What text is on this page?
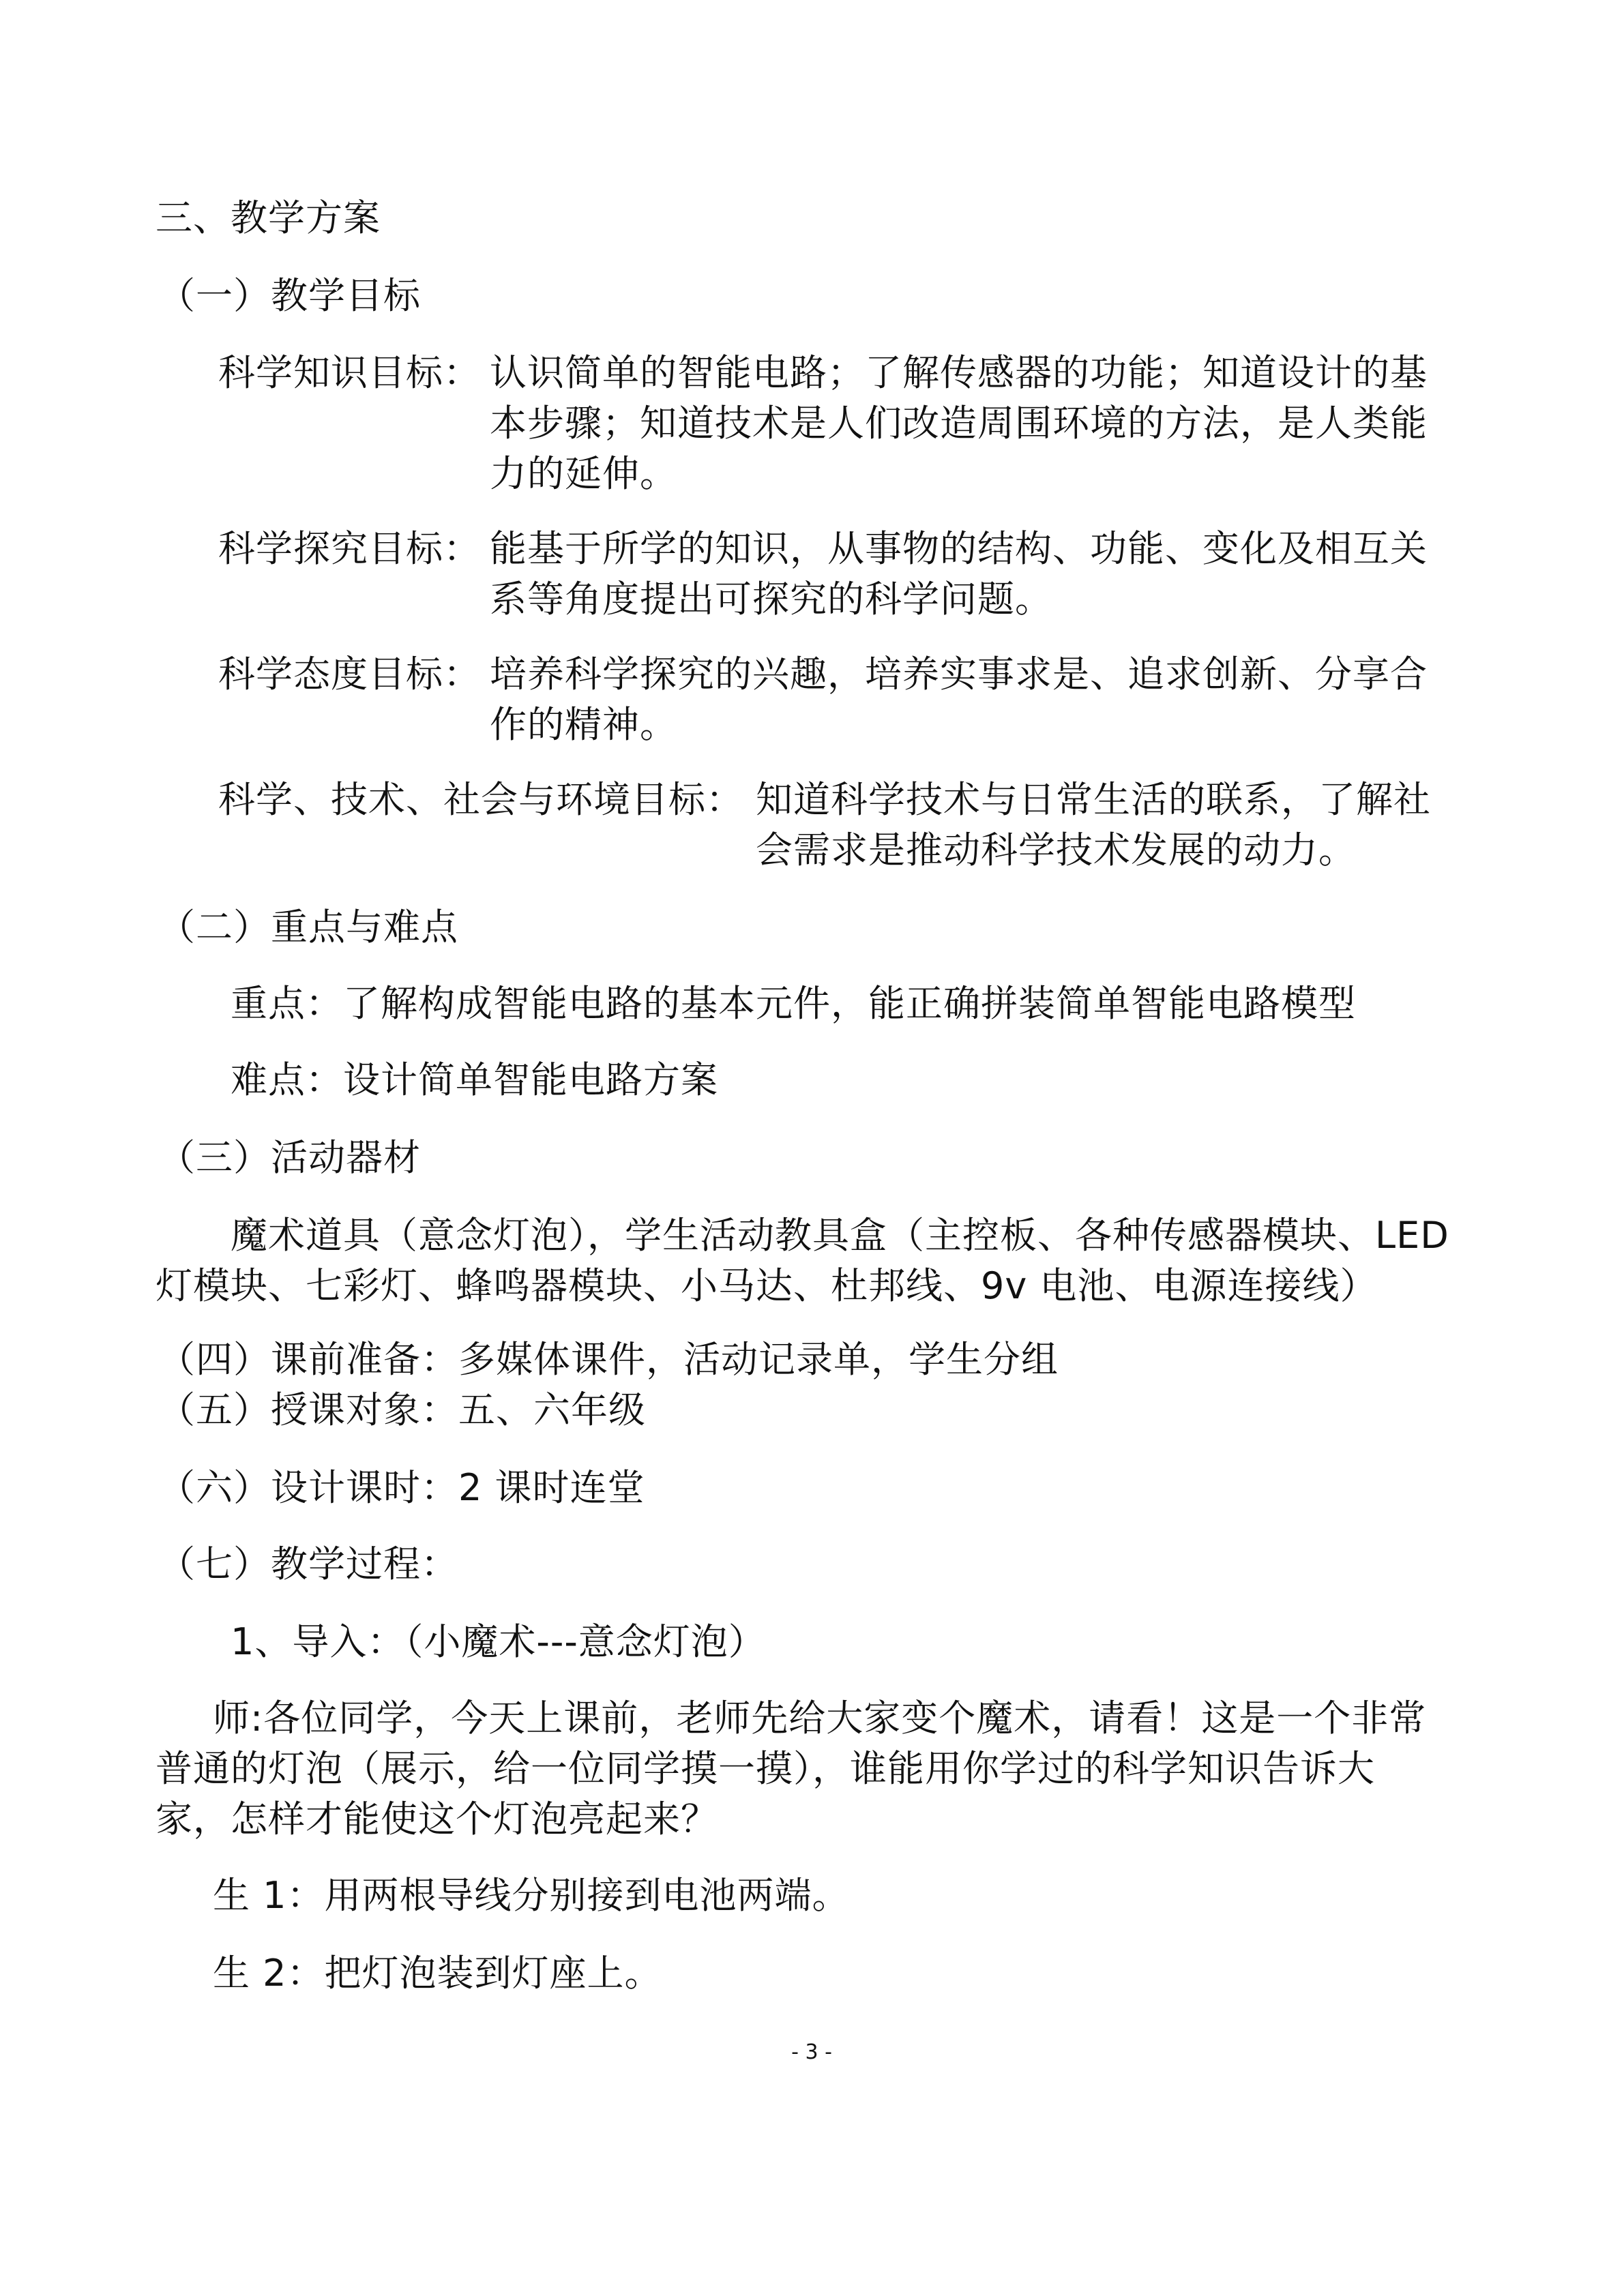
三、教学方案
（一）教学目标
科学知识目标： 认识简单的智能电路；了解传感器的功能；知道设计的基
本步骤；知道技术是人们改造周围环境的方法，是人类能
力的延伸。
科学探究目标： 能基于所学的知识，从事物的结构、功能、变化及相互关
系等角度提出可探究的科学问题。
科学态度目标： 培养科学探究的兴趣，培养实事求是、追求创新、分享合
作的精神。
科学、技术、社会与环境目标： 知道科学技术与日常生活的联系，了解社
会需求是推动科学技术发展的动力。
（二）重点与难点
重点：了解构成智能电路的基本元件，能正确拼装简单智能电路模型
难点：设计简单智能电路方案
（三）活动器材
魔术道具（意念灯泡），学生活动教具盒（主控板、各种传感器模块、LED
灯模块、七彩灯、蜂鸣器模块、小马达、杜邦线、9v 电池、电源连接线）
（四）课前准备：多媒体课件，活动记录单，学生分组
（五）授课对象：五、六年级
（六）设计课时：2 课时连堂
（七）教学过程：
1、导入：（小魔术---意念灯泡）
师:各位同学，今天上课前，老师先给大家变个魔术，请看！这是一个非常
普通的灯泡（展示，给一位同学摸一摸），谁能用你学过的科学知识告诉大
家，怎样才能使这个灯泡亮起来？
生 1：用两根导线分别接到电池两端。
生 2：把灯泡装到灯座上。
- 3 -
